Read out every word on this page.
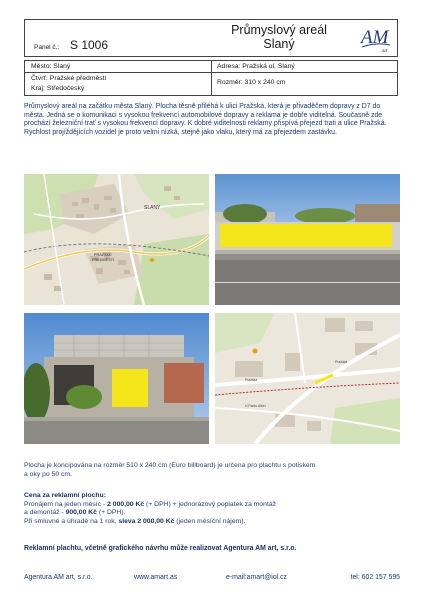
Panel č.: S 1006
Průmyslový areál
Slaný	AM
art
Město: Slaný
Čtvrť: Pražské předměstí
Kraj: Středočeský
Adresa: Pražská ul. Slaný
Rozměr: 310 x 240 cm

Průmyslový areál na začátku města Slaný. Plocha těsně přiléhá k ulici Pražská, která je přivaděčem dopravy z D7 do města. Jedná se o komunikaci s vysokou frekvencí automobilové dopravy a reklama je dobře viditelná. Současně zde prochází železniční trať s vysokou frekvencí dopravy. K dobré viditelnosti reklamy přispívá přejezd trati a ulice Pražská. Rychlost projíždějících vozidel je proto velmi nízká, stejně jako vlaku, který má za přejezdem zastávku.

SLANÝ
PRAŽSKÉ
PŘEDMĚSTÍ
Pražská
Pražská
U Parku Alber
Plocha je koncipována na rozměr 510 x 240 cm (Euro billboard) je určena pro plachtu s potiskem
a oky po 50 cm.
Cena za reklamní plochu:
Pronájem na jeden měsíc - 2 000,00 Kč (+ DPH) + jednorázový poplatek za montáž
a demontáž - 900,00 Kč (+ DPH).
Při smluvně a úhradě na 1 rok, sleva 2 000,00 Kč (jeden měsíční nájem).
Reklamní plachtu, včetně grafického návrhu může realizovat Agentura AM art, s.r.o.
Agentura AM art, s.r.o.	www.amart.as	e-mail:amart@iol.cz	tel: 602 157 595
